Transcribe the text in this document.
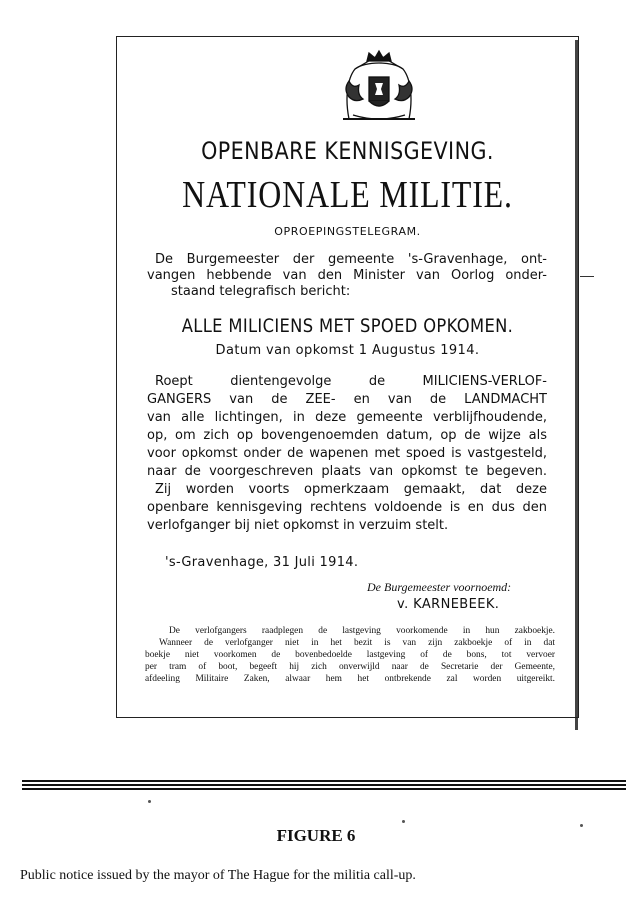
OPENBARE KENNISGEVING.
NATIONALE MILITIE.
OPROEPINGSTELEGRAM.
De Burgemeester der gemeente 's-Gravenhage, ont-
vangen hebbende van den Minister van Oorlog onder-
staand telegrafisch bericht:
ALLE MILICIENS MET SPOED OPKOMEN.
Datum van opkomst 1 Augustus 1914.
Roept dientengevolge de MILICIENS-VERLOF-
GANGERS van de ZEE- en van de LANDMACHT
van alle lichtingen, in deze gemeente verblijfhoudende,
op, om zich op bovengenoemden datum, op de wijze als
voor opkomst onder de wapenen met spoed is vastgesteld,
naar de voorgeschreven plaats van opkomst te begeven.
Zij worden voorts opmerkzaam gemaakt, dat deze
openbare kennisgeving rechtens voldoende is en dus den
verlofganger bij niet opkomst in verzuim stelt.
's-Gravenhage, 31 Juli 1914.
De Burgemeester voornoemd:
v. KARNEBEEK.
De verlofgangers raadplegen de lastgeving voorkomende in hun zakboekje.
Wanneer de verlofganger niet in het bezit is van zijn zakboekje of in dat
boekje niet voorkomen de bovenbedoelde lastgeving of de bons, tot vervoer
per tram of boot, begeeft hij zich onverwijld naar de Secretarie der Gemeente,
afdeeling Militaire Zaken, alwaar hem het ontbrekende zal worden uitgereikt.
FIGURE 6
Public notice issued by the mayor of The Hague for the militia call-up.
